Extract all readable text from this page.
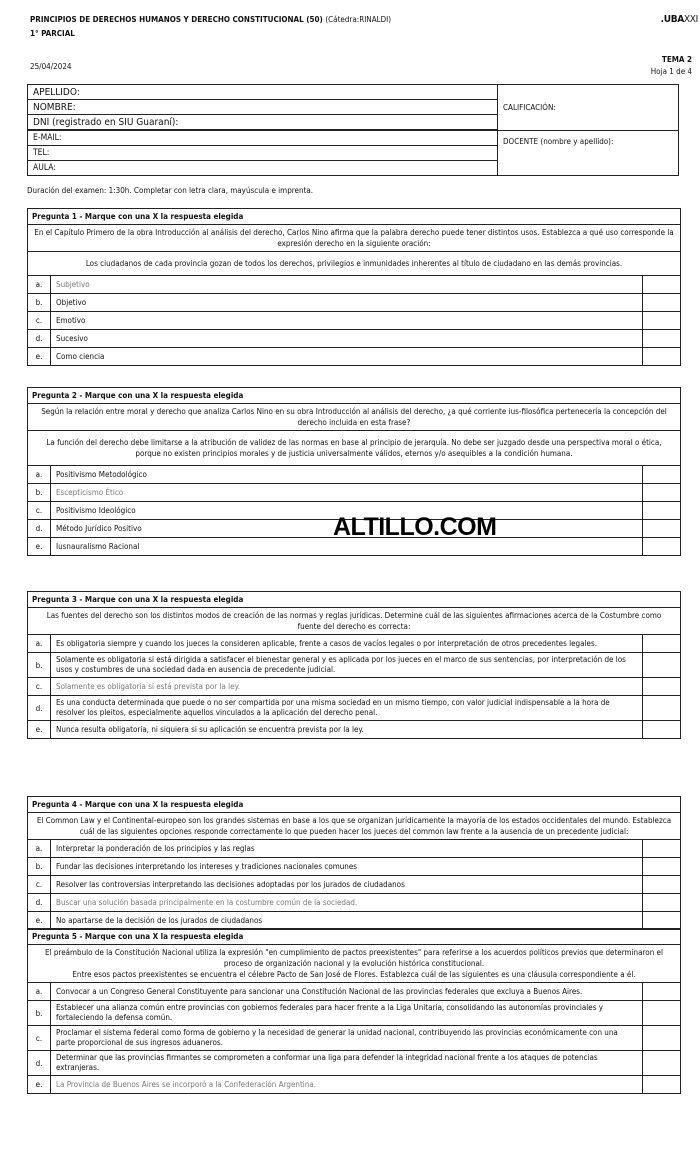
PRINCIPIOS DE DERECHOS HUMANOS Y DERECHO CONSTITUCIONAL (50) (Cátedra:RINALDI)
1° PARCIAL
.UBAXXI
25/04/2024
TEMA 2
Hoja 1 de 4
APELLIDO:	CALIFICACIÓN:
NOMBRE:	
DNI (registrado en SIU Guaraní):	
E-MAIL:	DOCENTE (nombre y apellido):
TEL:	
AULA:	
Duración del examen: 1:30h. Completar con letra clara, mayúscula e imprenta.
Pregunta 1 - Marque con una X la respuesta elegida
En el Capítulo Primero de la obra Introducción al análisis del derecho, Carlos Nino afirma que la palabra derecho puede tener distintos usos. Establezca a qué uso corresponde la expresión derecho en la siguiente oración:
Los ciudadanos de cada provincia gozan de todos los derechos, privilegios e inmunidades inherentes al título de ciudadano en las demás provincias.
a.	Subjetivo
b.	Objetivo
c.	Emotivo
d.	Sucesivo
e.	Como ciencia
Pregunta 2 - Marque con una X la respuesta elegida
Según la relación entre moral y derecho que analiza Carlos Nino en su obra Introducción al análisis del derecho, ¿a qué corriente ius-filosófica pertenecería la concepción del derecho incluida en esta frase?
La función del derecho debe limitarse a la atribución de validez de las normas en base al principio de jerarquía. No debe ser juzgado desde una perspectiva moral o ética, porque no existen principios morales y de justicia universalmente válidos, eternos y/o asequibles a la condición humana.
a.	Positivismo Metodológico
b.	Escepticismo Ético
c.	Positivismo Ideológico
d.	Método Jurídico Positivo
e.	Iusnauralismo Racional
Pregunta 3 - Marque con una X la respuesta elegida
Las fuentes del derecho son los distintos modos de creación de las normas y reglas jurídicas. Determine cuál de las siguientes afirmaciones acerca de la Costumbre como fuente del derecho es correcta:
a.	Es obligatoria siempre y cuando los jueces la consideren aplicable, frente a casos de vacíos legales o por interpretación de otros precedentes legales.
b.
Solamente es obligatoria si está dirigida a satisfacer el bienestar general y es aplicada por los jueces en el marco de sus sentencias, por interpretación de los usos y costumbres de una sociedad dada en ausencia de precedente judicial.
c.	Solamente es obligatoria si está prevista por la ley.
d.
Es una conducta determinada que puede o no ser compartida por una misma sociedad en un mismo tiempo, con valor judicial indispensable a la hora de resolver los pleitos, especialmente aquellos vinculados a la aplicación del derecho penal.
e.	Nunca resulta obligatoria, ni siquiera si su aplicación se encuentra prevista por la ley.
Pregunta 4 - Marque con una X la respuesta elegida
El Common Law y el Continental-europeo son los grandes sistemas en base a los que se organizan jurídicamente la mayoría de los estados occidentales del mundo. Establezca cuál de las siguientes opciones responde correctamente lo que pueden hacer los jueces del common law frente a la ausencia de un precedente judicial:
a.	Interpretar la ponderación de los principios y las reglas
b.	Fundar las decisiones interpretando los intereses y tradiciones nacionales comunes
c.	Resolver las controversias interpretando las decisiones adoptadas por los jurados de ciudadanos
d.	Buscar una solución basada principalmente en la costumbre común de la sociedad.
e.	No apartarse de la decisión de los jurados de ciudadanos
Pregunta 5 - Marque con una X la respuesta elegida
El preámbulo de la Constitución Nacional utiliza la expresión "en cumplimiento de pactos preexistentes" para referirse a los acuerdos políticos previos que determinaron el proceso de organización nacional y la evolución histórica constitucional.
Entre esos pactos preexistentes se encuentra el célebre Pacto de San José de Flores. Establezca cuál de las siguientes es una cláusula correspondiente a él.
a.	Convocar a un Congreso General Constituyente para sancionar una Constitución Nacional de las provincias federales que excluya a Buenos Aires.
b.
Establecer una alianza común entre provincias con gobiernos federales para hacer frente a la Liga Unitaria, consolidando las autonomías provinciales y fortaleciendo la defensa común.
c.
Proclamar el sistema federal como forma de gobierno y la necesidad de generar la unidad nacional, contribuyendo las provincias económicamente con una parte proporcional de sus ingresos aduaneros.
d.
Determinar que las provincias firmantes se comprometen a conformar una liga para defender la integridad nacional frente a los ataques de potencias extranjeras.
e.	La Provincia de Buenos Aires se incorporó a la Confederación Argentina.
ALTILLO.COM
